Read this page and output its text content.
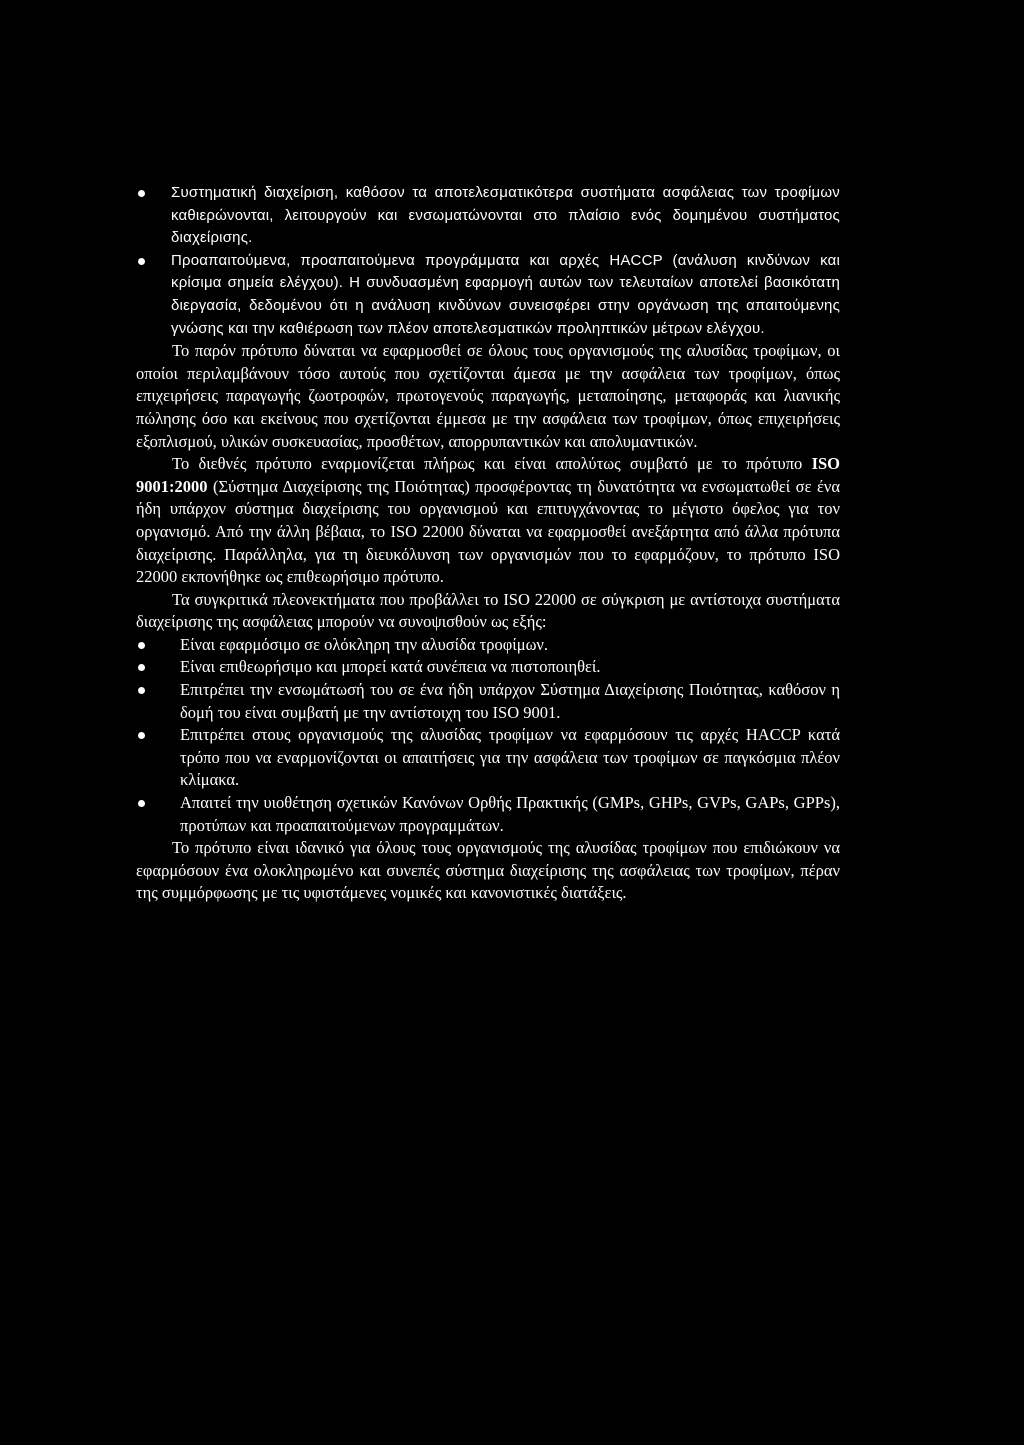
Συστηματική διαχείριση, καθόσον τα αποτελεσματικότερα συστήματα ασφάλειας των τροφίμων καθιερώνονται, λειτουργούν και ενσωματώνονται στο πλαίσιο ενός δομημένου συστήματος διαχείρισης.
Προαπαιτούμενα, προαπαιτούμενα προγράμματα και αρχές HACCP (ανάλυση κινδύνων και κρίσιμα σημεία ελέγχου). Η συνδυασμένη εφαρμογή αυτών των τελευταίων αποτελεί βασικότατη διεργασία, δεδομένου ότι η ανάλυση κινδύνων συνεισφέρει στην οργάνωση της απαιτούμενης γνώσης και την καθιέρωση των πλέον αποτελεσματικών προληπτικών μέτρων ελέγχου.

Το παρόν πρότυπο δύναται να εφαρμοσθεί σε όλους τους οργανισμούς της αλυσίδας τροφίμων, οι οποίοι περιλαμβάνουν τόσο αυτούς που σχετίζονται άμεσα με την ασφάλεια των τροφίμων, όπως επιχειρήσεις παραγωγής ζωοτροφών, πρωτογενούς παραγωγής, μεταποίησης, μεταφοράς και λιανικής πώλησης όσο και εκείνους που σχετίζονται έμμεσα με την ασφάλεια των τροφίμων, όπως επιχειρήσεις εξοπλισμού, υλικών συσκευασίας, προσθέτων, απορρυπαντικών και απολυμαντικών.

Το διεθνές πρότυπο εναρμονίζεται πλήρως και είναι απολύτως συμβατό με το πρότυπο ISO 9001:2000 (Σύστημα Διαχείρισης της Ποιότητας) προσφέροντας τη δυνατότητα να ενσωματωθεί σε ένα ήδη υπάρχον σύστημα διαχείρισης του οργανισμού και επιτυγχάνοντας το μέγιστο όφελος για τον οργανισμό. Από την άλλη βέβαια, το ISO 22000 δύναται να εφαρμοσθεί ανεξάρτητα από άλλα πρότυπα διαχείρισης. Παράλληλα, για τη διευκόλυνση των οργανισμών που το εφαρμόζουν, το πρότυπο ISO 22000 εκπονήθηκε ως επιθεωρήσιμο πρότυπο.

Τα συγκριτικά πλεονεκτήματα που προβάλλει το ISO 22000 σε σύγκριση με αντίστοιχα συστήματα διαχείρισης της ασφάλειας μπορούν να συνοψισθούν ως εξής:

Είναι εφαρμόσιμο σε ολόκληρη την αλυσίδα τροφίμων.
Είναι επιθεωρήσιμο και μπορεί κατά συνέπεια να πιστοποιηθεί.
Επιτρέπει την ενσωμάτωσή του σε ένα ήδη υπάρχον Σύστημα Διαχείρισης Ποιότητας, καθόσον η δομή του είναι συμβατή με την αντίστοιχη του ISO 9001.
Επιτρέπει στους οργανισμούς της αλυσίδας τροφίμων να εφαρμόσουν τις αρχές HACCP κατά τρόπο που να εναρμονίζονται οι απαιτήσεις για την ασφάλεια των τροφίμων σε παγκόσμια πλέον κλίμακα.
Απαιτεί την υιοθέτηση σχετικών Κανόνων Ορθής Πρακτικής (GMPs, GHPs, GVPs, GAPs, GPPs), προτύπων και προαπαιτούμενων προγραμμάτων.

Το πρότυπο είναι ιδανικό για όλους τους οργανισμούς της αλυσίδας τροφίμων που επιδιώκουν να εφαρμόσουν ένα ολοκληρωμένο και συνεπές σύστημα διαχείρισης της ασφάλειας των τροφίμων, πέραν της συμμόρφωσης με τις υφιστάμενες νομικές και κανονιστικές διατάξεις.
